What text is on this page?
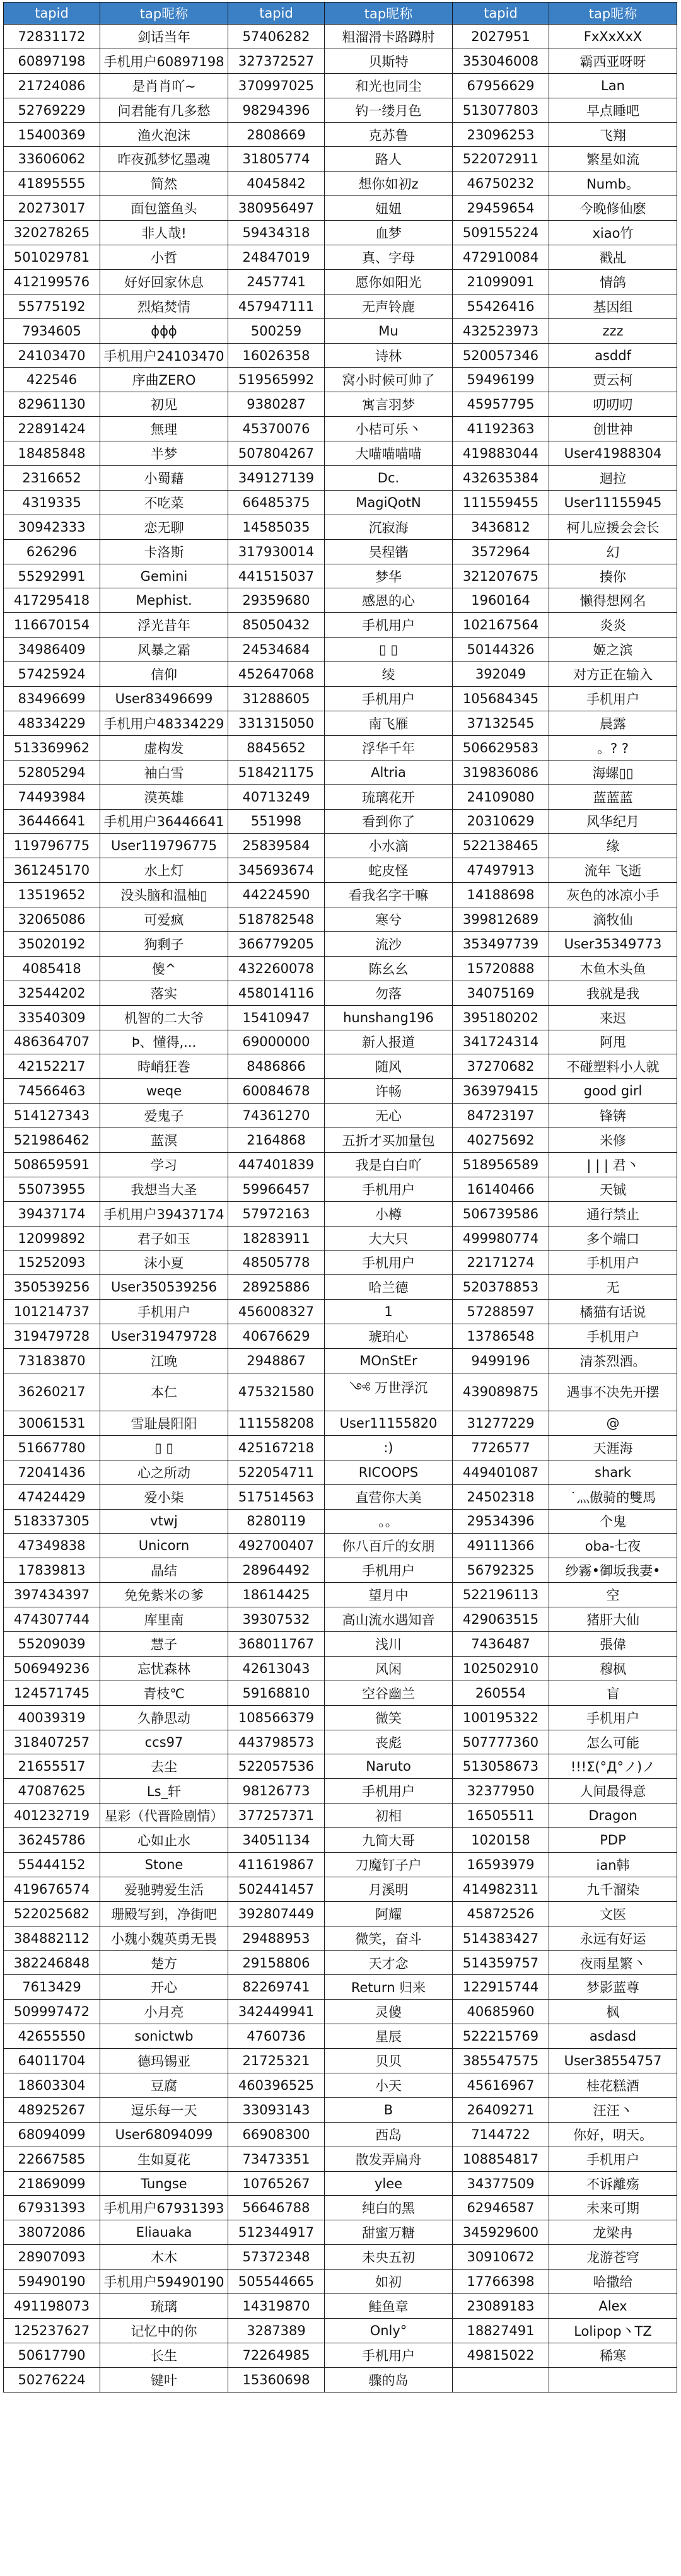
tapid	tap昵称	tapid	tap昵称	tapid	tap昵称
72831172	剑话当年	57406282	粗溜滑卡路蹲肘	2027951	FxXxXxX
60897198	手机用户60897198	327372527	贝斯特	353046008	霸西亚呀呀
21724086	是肖肖吖~	370997025	和光也同尘	67956629	Lan
52769229	问君能有几多愁	98294396	钓一缕月色	513077803	早点睡吧
15400369	渔火泡沫	2808669	克苏鲁	23096253	飞翔
33606062	昨夜孤梦忆墨魂	31805774	路人	522072911	繁星如流
41895555	简然	4045842	想你如初z	46750232	Numb。
20273017	面包篮鱼头	380956497	妞妞	29459654	今晚修仙麽
320278265	非人哉!	59434318	血梦	509155224	xiao竹
501029781	小哲	24847019	真、字母	472910084	戳乩
412199576	好好回家休息	2457741	愿你如阳光	21099091	情鸽
55775192	烈焰焚情	457947111	无声铃鹿	55426416	基因组
7934605	ϕϕϕ	500259	Mu	432523973	zzz
24103470	手机用户24103470	16026358	诗林	520057346	asddf
422546	序曲ZERO	519565992	窝小时候可帅了	59496199	贾云柯
82961130	初见	9380287	寓言羽梦	45957795	叨叨叨
22891424	無理	45370076	小桔可乐丶	41192363	创世神
18485848	半梦	507804267	大喵喵喵喵	419883044	User41988304
2316652	小蜀藉	349127139	Dc.	432635384	迴拉
4319335	不吃菜	66485375	MagiQotN	111559455	User11155945
30942333	恋无聊	14585035	沉寂海	3436812	柯儿应援会会长
626296	卡洛斯	317930014	吴程锴	3572964	幻
55292991	Gemini	441515037	梦华	321207675	揍你
417295418	Mephist.	29359680	感恩的心	1960164	懒得想网名
116670154	浮光昔年	85050432	手机用户	102167564	炎炎
34986409	风暴之霜	24534684	▯ ▯	50144326	姬之滨
57425924	信仰	452647068	绫	392049	对方正在输入
83496699	User83496699	31288605	手机用户	105684345	手机用户
48334229	手机用户48334229	331315050	南飞雁	37132545	晨露
513369962	虚构发	8845652	浮华千年	506629583	。? ?
52805294	袖白雪	518421175	Altria	319836086	海螺▯▯
74493984	漠英雄	40713249	琉璃花开	24109080	蓝蓝蓝
36446641	手机用户36446641	551998	看到你了	20310629	风华纪月
119796775	User119796775	25839584	小水滴	522138465	缘
361245170	水上灯	345693674	蛇皮怪	47497913	流年 飞逝
13519652	没头脑和温柚▯	44224590	看我名字干嘛	14188698	灰色的冰凉小手
32065086	可爱疯	518782548	寒兮	399812689	滴牧仙
35020192	狗剩子	366779205	流沙	353497739	User35349773
4085418	傻^	432260078	陈幺幺	15720888	木鱼木头鱼
32544202	落实	458014116	勿落	34075169	我就是我
33540309	机智的二大爷	15410947	hunshang196	395180202	来迟
486364707	Þ、懂得,...	69000000	新人报道	341724314	阿甩
42152217	時峭狂巻	8486866	随风	37270682	不碰塑料小人就
74566463	weqe	60084678	许畅	363979415	good girl
514127343	爱鬼子	74361270	无心	84723197	锋锛
521986462	蓝溟	2164868	五折才买加量包	40275692	米修
508659591	学习	447401839	我是白白吖	518956589	| | | 君丶
55073955	我想当大圣	59966457	手机用户	16140466	天铖
39437174	手机用户39437174	57972163	小樽	506739586	通行禁止
12099892	君子如玉	18283911	大大只	499980774	多个端口
15252093	沫小夏	48505778	手机用户	22171274	手机用户
350539256	User350539256	28925886	哈兰德	520378853	无
101214737	手机用户	456008327	1	57288597	橘猫有话说
319479728	User319479728	40676629	琥珀心	13786548	手机用户
73183870	江晚	2948867	MOnStEr	9499196	清茶烈酒。
36260217	本仁	475321580	༺ 万世浮沉	439089875	遇事不决先开摆
30061531	雪耻晨阳阳	111558208	User11155820	31277229	@
51667780	▯ ▯	425167218	:)	7726577	天涯海
72041436	心之所动	522054711	RICOOPS	449401087	shark
47424429	爱小柒	517514563	直营你大美	24502318	˙灬傲骑的雙馬
518337305	vtwj	8280119	。。	29534396	个鬼
47349838	Unicorn	492700407	你八百斤的女朋	49111366	oba-七夜
17839813	晶结	28964492	手机用户	56792325	纱霧•御坂我妻•
397434397	免免紫米の爹	18614425	望月中	522196113	空
474307744	库里南	39307532	高山流水遇知音	429063515	猪肝大仙
55209039	慧子	368011767	浅川	7436487	張偉
506949236	忘忧森林	42613043	风闲	102502910	穆枫
124571745	青枝℃	59168810	空谷幽兰	260554	盲
40039319	久静思动	108566379	微笑	100195322	手机用户
318407257	ccs97	443798573	丧彪	507777360	怎么可能
21655517	去尘	522057536	Naruto	513058673	!!!Σ(°Д°ノ)ノ
47087625	Ls_轩	98126773	手机用户	32377950	人间最得意
401232719	星彩（代晋险剧情）	377257371	初相	16505511	Dragon
36245786	心如止水	34051134	九简大哥	1020158	PDP
55444152	Stone	411619867	刀魔钉子户	16593979	ian韩
419676574	爱驰骋爱生活	502441457	月溪明	414982311	九千溜染
522025682	珊殿写到，净街吧	392807449	阿耀	45872526	文医
384882112	小魏小魏英勇无畏	29488953	微笑，奋斗	514383427	永远有好运
382246848	楚方	29158806	天才念	514359757	夜雨星繁丶
7613429	开心	82269741	Return 归来	122915744	梦影蓝尊
509997472	小月亮	342449941	灵傻	40685960	枫
42655550	sonictwb	4760736	星辰	522215769	asdasd
64011704	德玛锡亚	21725321	贝贝	385547575	User38554757
18603304	豆腐	460396525	小天	45616967	桂花糕酒
48925267	逗乐每一天	33093143	B	26409271	汪汪丶
68094099	User68094099	66908300	西岛	7144722	你好，明天。
22667585	生如夏花	73473351	散发弄扁舟	108854817	手机用户
21869099	Tungse	10765267	ylee	34377509	不诉離殇
67931393	手机用户67931393	56646788	纯白的黑	62946587	未来可期
38072086	Eliauaka	512344917	甜蜜万糖	345929600	龙梁冉
28907093	木木	57372348	未央五初	30910672	龙游苍穹
59490190	手机用户59490190	505544665	如初	17766398	哈撒给
491198073	琉璃	14319870	鲑鱼章	23089183	Alex
125237627	记忆中的你	3287389	Only°	18827491	Lolipop丶TZ
50617790	长生	72264985	手机用户	49815022	稀寒
50276224	键叶	15360698	骤的岛		
